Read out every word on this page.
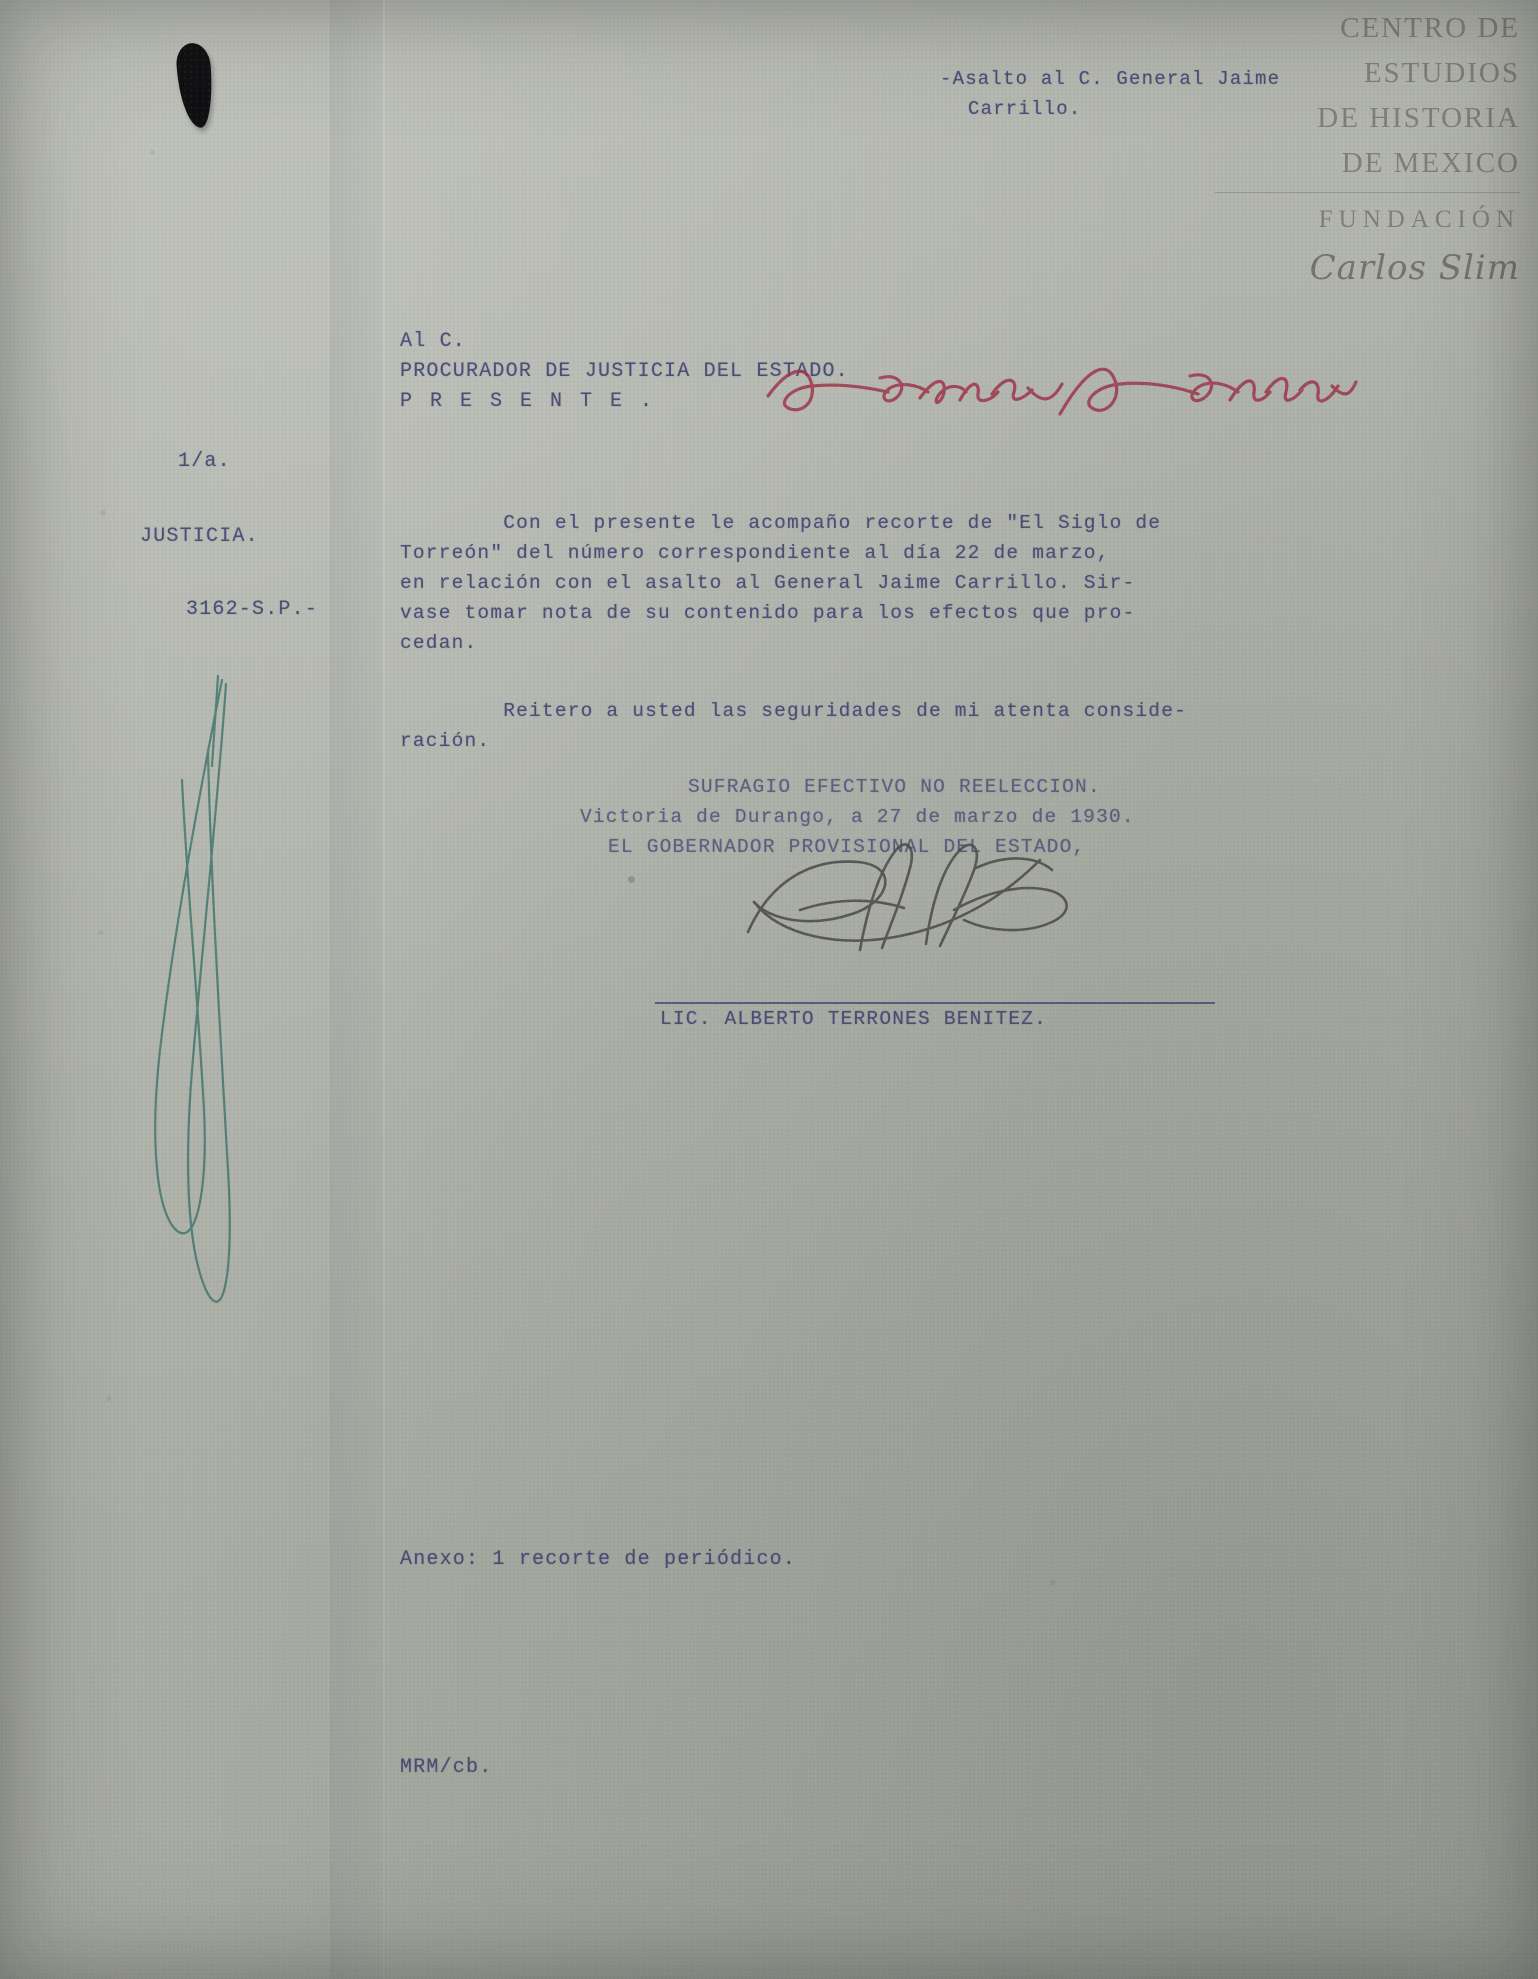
CENTRO DE
ESTUDIOS
DE HISTORIA
DE MEXICO
FUNDACIÓN
Carlos Slim
-Asalto al C. General Jaime
Carrillo.
Al C.
PROCURADOR DE JUSTICIA DEL ESTADO.
P R E S E N T E .
1/a.
JUSTICIA.
3162-S.P.-
Con el presente le acompaño recorte de "El Siglo de
Torreón" del número correspondiente al día 22 de marzo,
en relación con el asalto al General Jaime Carrillo. Sir-
vase tomar nota de su contenido para los efectos que pro-
cedan.
Reitero a usted las seguridades de mi atenta conside-
ración.
SUFRAGIO EFECTIVO NO REELECCION.
Victoria de Durango, a 27 de marzo de 1930.
EL GOBERNADOR PROVISIONAL DEL ESTADO,
LIC. ALBERTO TERRONES BENITEZ.
Anexo: 1 recorte de periódico.
MRM/cb.
